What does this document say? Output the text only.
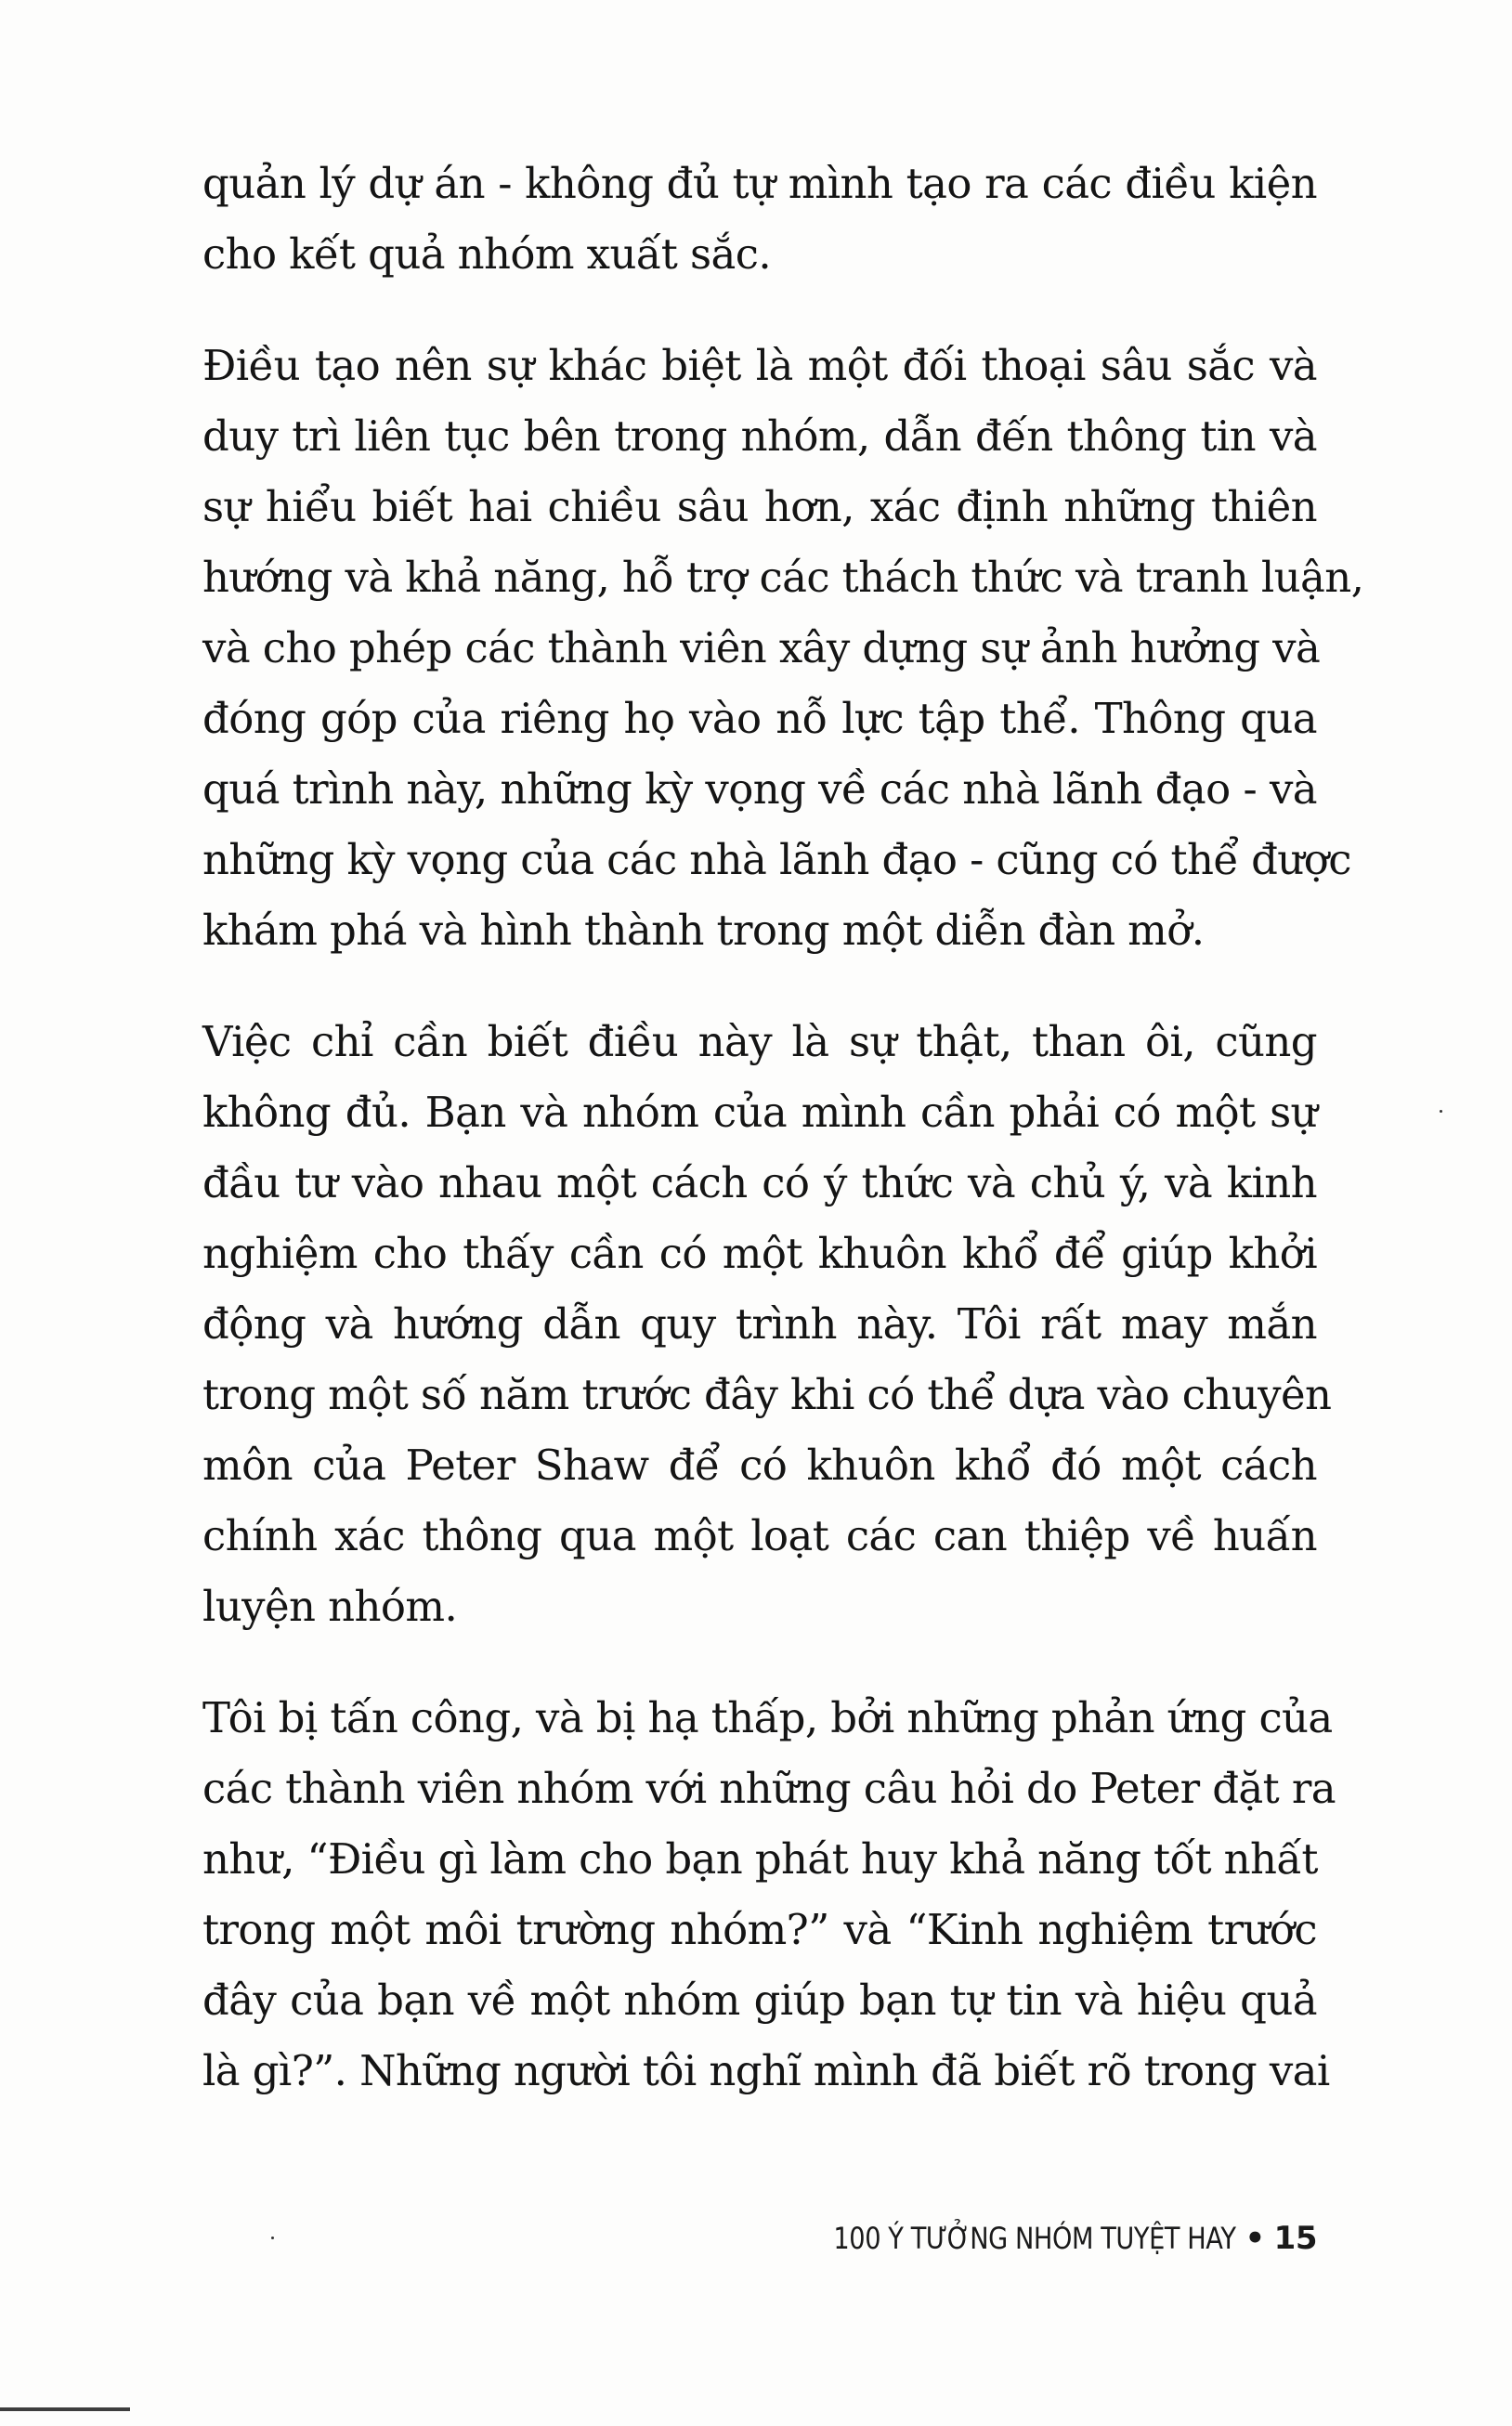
quản lý dự án - không đủ tự mình tạo ra các điều kiện
cho kết quả nhóm xuất sắc.

Điều tạo nên sự khác biệt là một đối thoại sâu sắc và
duy trì liên tục bên trong nhóm, dẫn đến thông tin và
sự hiểu biết hai chiều sâu hơn, xác định những thiên
hướng và khả năng, hỗ trợ các thách thức và tranh luận,
và cho phép các thành viên xây dựng sự ảnh hưởng và
đóng góp của riêng họ vào nỗ lực tập thể. Thông qua
quá trình này, những kỳ vọng về các nhà lãnh đạo - và
những kỳ vọng của các nhà lãnh đạo - cũng có thể được
khám phá và hình thành trong một diễn đàn mở.

Việc chỉ cần biết điều này là sự thật, than ôi, cũng
không đủ. Bạn và nhóm của mình cần phải có một sự
đầu tư vào nhau một cách có ý thức và chủ ý, và kinh
nghiệm cho thấy cần có một khuôn khổ để giúp khởi
động và hướng dẫn quy trình này. Tôi rất may mắn
trong một số năm trước đây khi có thể dựa vào chuyên
môn của Peter Shaw để có khuôn khổ đó một cách
chính xác thông qua một loạt các can thiệp về huấn
luyện nhóm.

Tôi bị tấn công, và bị hạ thấp, bởi những phản ứng của
các thành viên nhóm với những câu hỏi do Peter đặt ra
như, “Điều gì làm cho bạn phát huy khả năng tốt nhất
trong một môi trường nhóm?” và “Kinh nghiệm trước
đây của bạn về một nhóm giúp bạn tự tin và hiệu quả
là gì?”. Những người tôi nghĩ mình đã biết rõ trong vai

100 Ý TƯỞNG NHÓM TUYỆT HAY • 15
